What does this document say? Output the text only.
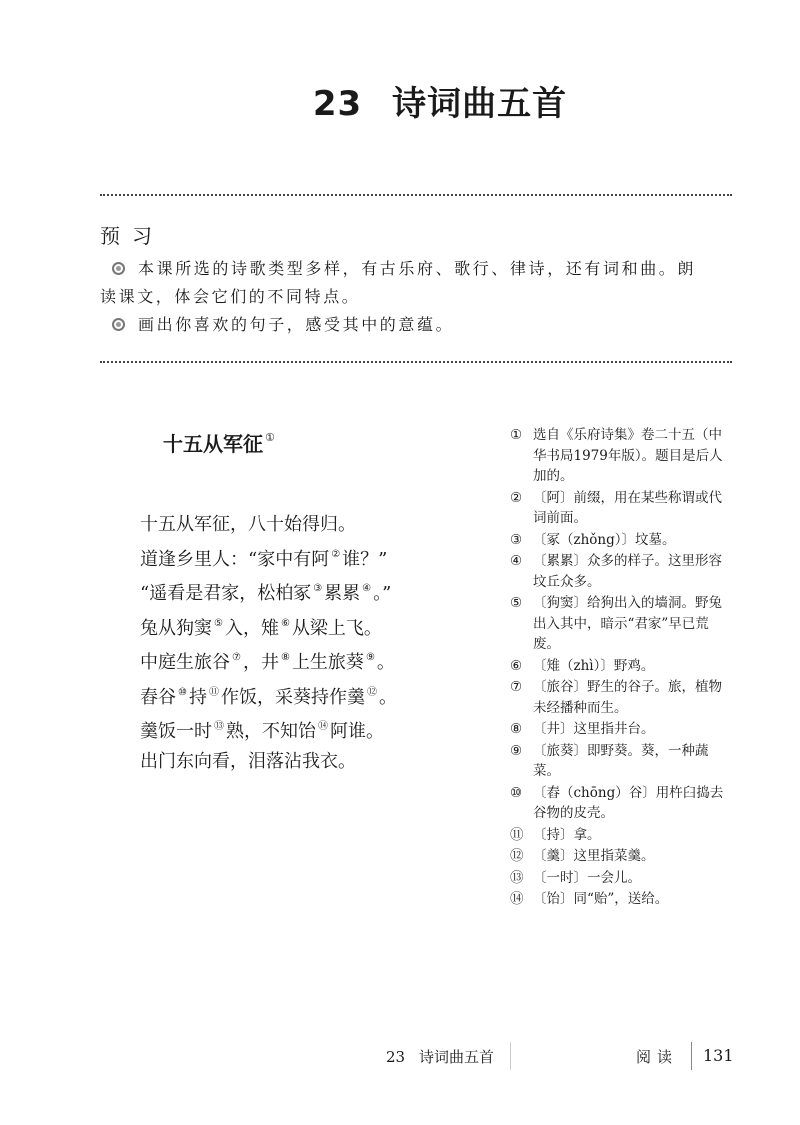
23 诗词曲五首
预习
本课所选的诗歌类型多样，有古乐府、歌行、律诗，还有词和曲。朗
读课文，体会它们的不同特点。
画出你喜欢的句子，感受其中的意蕴。
十五从军征 ①
十五从军征，八十始得归。
道逢乡里人：“家中有阿 ② 谁？”
“遥看是君家，松柏冢 ③ 累累 ④ 。”
兔从狗窦 ⑤ 入，雉 ⑥ 从梁上飞。
中庭生旅谷 ⑦ ，井 ⑧ 上生旅葵 ⑨ 。
舂谷 ⑩ 持 ⑪ 作饭，采葵持作羹 ⑫ 。
羹饭一时 ⑬ 熟，不知饴 ⑭ 阿谁。
出门东向看，泪落沾我衣。
① 选自《乐府诗集》卷二十五（中华书局1979年版）。题目是后人加的。
② 〔阿〕前缀，用在某些称谓或代词前面。
③ 〔冢（zhǒng）〕坟墓。
④ 〔累累〕众多的样子。这里形容坟丘众多。
⑤ 〔狗窦〕给狗出入的墙洞。野兔出入其中，暗示“君家”早已荒废。
⑥ 〔雉（zhì）〕野鸡。
⑦ 〔旅谷〕野生的谷子。旅，植物未经播种而生。
⑧ 〔井〕这里指井台。
⑨ 〔旅葵〕即野葵。葵，一种蔬菜。
⑩ 〔舂（chōng）谷〕用杵臼捣去谷物的皮壳。
⑪ 〔持〕拿。
⑫ 〔羹〕这里指菜羹。
⑬ 〔一时〕一会儿。
⑭ 〔饴〕同“贻”，送给。
23 诗词曲五首	阅读 131
